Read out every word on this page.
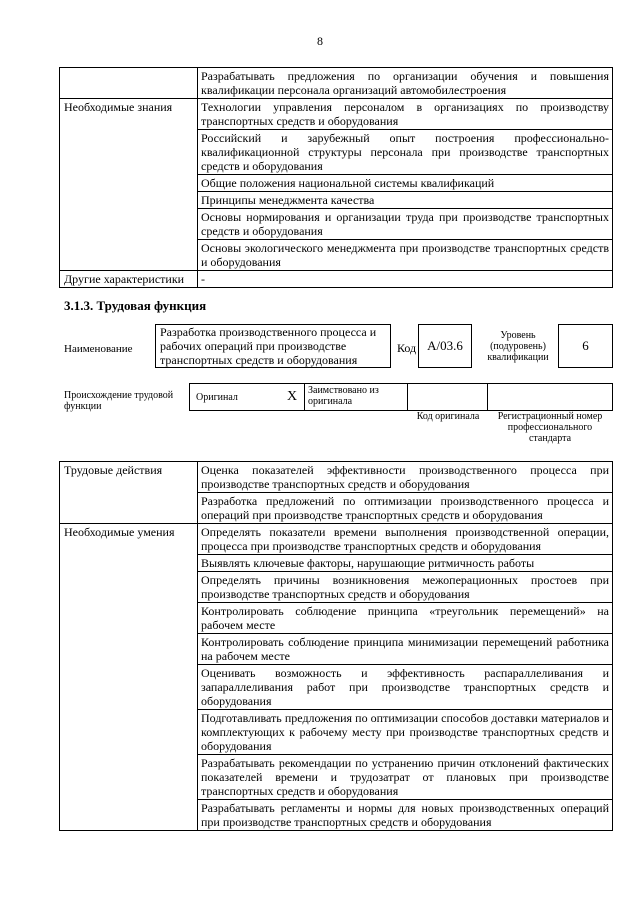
8
	Разрабатывать предложения по организации обучения и повышения квалификации персонала организаций автомобилестроения
Необходимые знания	Технологии управления персоналом в организациях по производству транспортных средств и оборудования
	Российский и зарубежный опыт построения профессионально-квалификационной структуры персонала при производстве транспортных средств и оборудования
	Общие положения национальной системы квалификаций
	Принципы менеджмента качества
	Основы нормирования и организации труда при производстве транспортных средств и оборудования
	Основы экологического менеджмента при производстве транспортных средств и оборудования
Другие характеристики	-
3.1.3. Трудовая функция
Наименование
Разработка производственного процесса и рабочих операций при производстве транспортных средств и оборудования
Код А/03.6
Уровень (подуровень) квалификации
6
Происхождение трудовой функции
Оригинал	X	Заимствовано из оригинала
Код оригинала	Регистрационный номер профессионального стандарта
Трудовые действия	Оценка показателей эффективности производственного процесса при производстве транспортных средств и оборудования
	Разработка предложений по оптимизации производственного процесса и операций при производстве транспортных средств и оборудования
Необходимые умения	Определять показатели времени выполнения производственной операции, процесса при производстве транспортных средств и оборудования
	Выявлять ключевые факторы, нарушающие ритмичность работы
	Определять причины возникновения межоперационных простоев при производстве транспортных средств и оборудования
	Контролировать соблюдение принципа «треугольник перемещений» на рабочем месте
	Контролировать соблюдение принципа минимизации перемещений работника на рабочем месте
	Оценивать возможность и эффективность распараллеливания и запараллеливания работ при производстве транспортных средств и оборудования
	Подготавливать предложения по оптимизации способов доставки материалов и комплектующих к рабочему месту при производстве транспортных средств и оборудования
	Разрабатывать рекомендации по устранению причин отклонений фактических показателей времени и трудозатрат от плановых при производстве транспортных средств и оборудования
	Разрабатывать регламенты и нормы для новых производственных операций при производстве транспортных средств и оборудования
